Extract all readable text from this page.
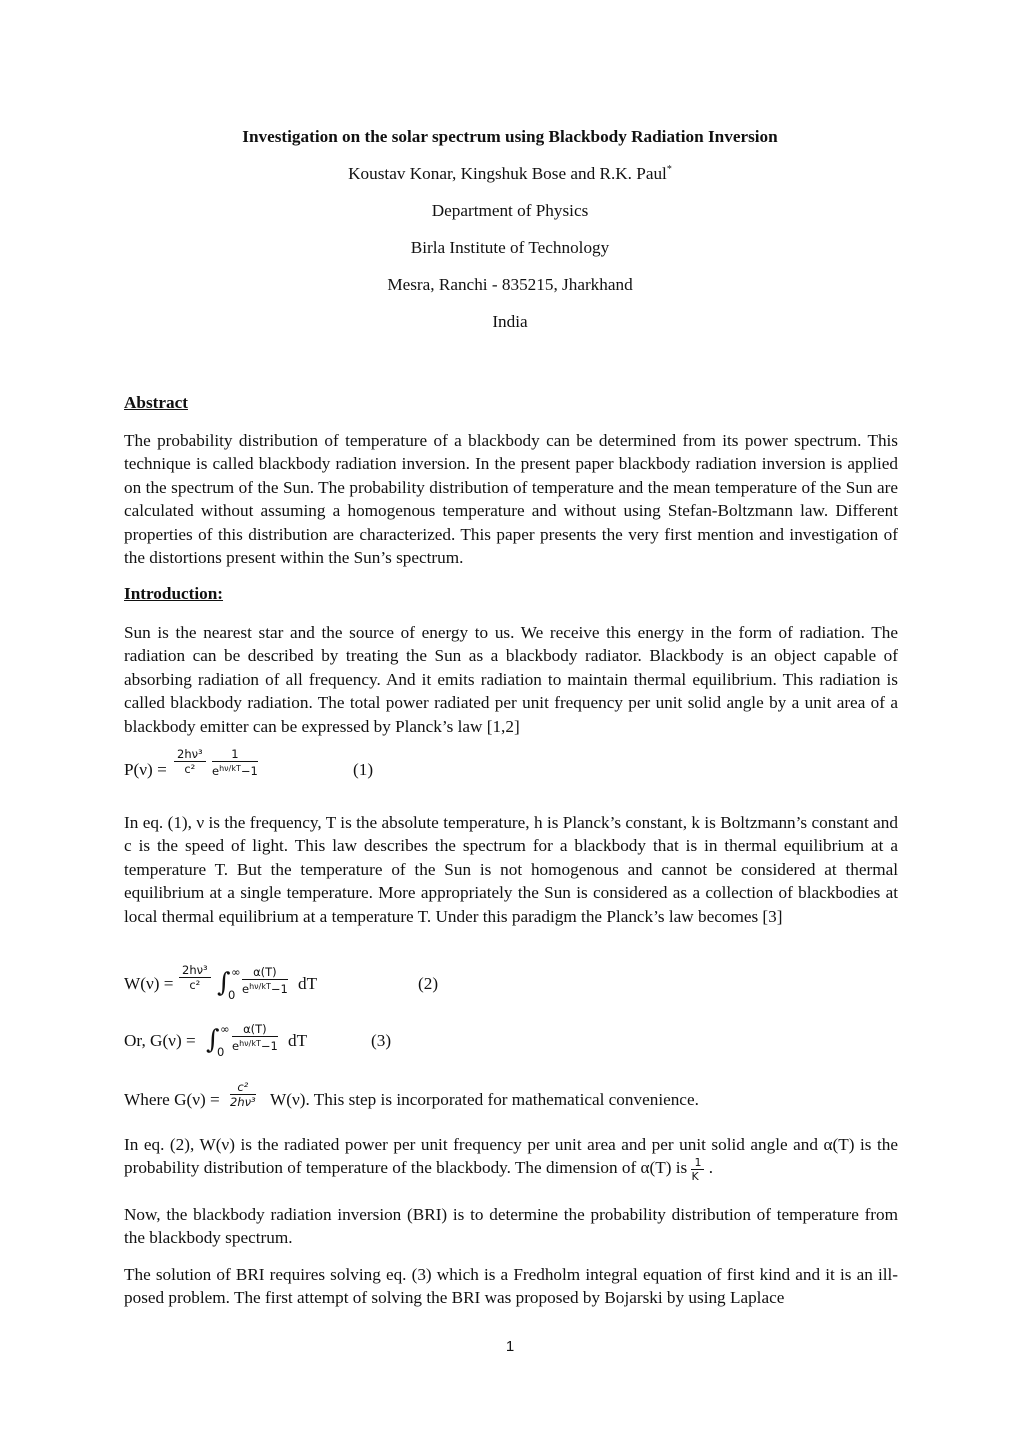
Investigation on the solar spectrum using Blackbody Radiation Inversion
Koustav Konar, Kingshuk Bose and R.K. Paul*
Department of Physics
Birla Institute of Technology
Mesra, Ranchi - 835215, Jharkhand
India
Abstract
The probability distribution of temperature of a blackbody can be determined from its power spectrum. This technique is called blackbody radiation inversion. In the present paper blackbody radiation inversion is applied on the spectrum of the Sun. The probability distribution of temperature and the mean temperature of the Sun are calculated without assuming a homogenous temperature and without using Stefan-Boltzmann law. Different properties of this distribution are characterized. This paper presents the very first mention and investigation of the distortions present within the Sun’s spectrum.
Introduction:
Sun is the nearest star and the source of energy to us. We receive this energy in the form of radiation. The radiation can be described by treating the Sun as a blackbody radiator. Blackbody is an object capable of absorbing radiation of all frequency. And it emits radiation to maintain thermal equilibrium. This radiation is called blackbody radiation. The total power radiated per unit frequency per unit solid angle by a unit area of a blackbody emitter can be expressed by Planck’s law [1,2]
$P(\nu) = \frac{\text{2hν³}}{\text{c²}}$	1
$e^{h\nu/kT}-1$	(1)
In eq. (1), ν is the frequency, T is the absolute temperature, h is Planck’s constant, k is Boltzmann’s constant and c is the speed of light. This law describes the spectrum for a blackbody that is in thermal equilibrium at a temperature T. But the temperature of the Sun is not homogenous and cannot be considered at thermal equilibrium at a single temperature. More appropriately the Sun is considered as a collection of blackbodies at local thermal equilibrium at a temperature T. Under this paradigm the Planck’s law becomes [3]
$W(\nu) = \frac{\text{2hν³}}{\text{c²}}$ ∫ ∞
0
α(T)
$e^{h\nu/kT}-1$ dT	(2)
Or, G(ν) = ∫ ∞
0
α(T)
$e^{h\nu/kT}-1$ dT	(3)
Where $G(\nu) = \frac{\text{c²}}{\text{2hν³}} W(\nu)$. This step is incorporated for mathematical convenience.
In eq. (2), W(ν) is the radiated power per unit frequency per unit area and per unit solid angle and α(T) is the probability distribution of temperature of the blackbody. The dimension of α(T) is $\frac{1}{K}$ .
Now, the blackbody radiation inversion (BRI) is to determine the probability distribution of temperature from the blackbody spectrum.
The solution of BRI requires solving eq. (3) which is a Fredholm integral equation of first kind and it is an ill-posed problem. The first attempt of solving the BRI was proposed by Bojarski by using Laplace
1
